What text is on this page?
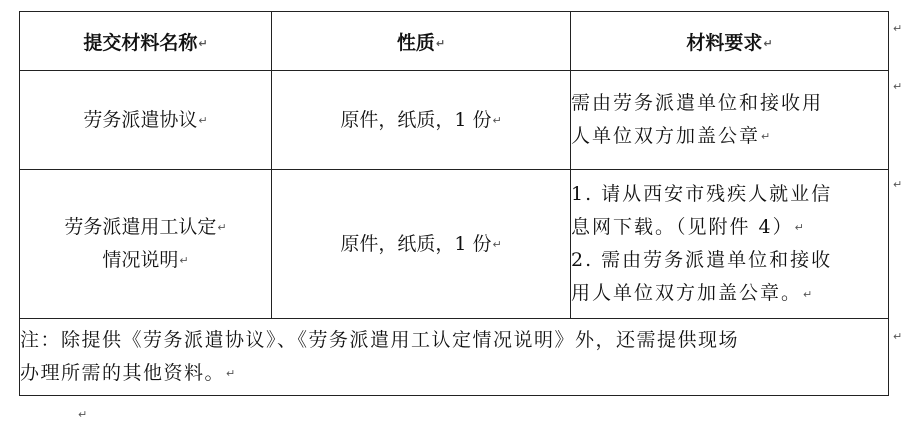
提交材料名称↵	性质↵	材料要求↵
劳务派遣协议↵	原件，纸质，1 份↵	需由劳务派遣单位和接收用
人单位双方加盖公章↵

劳务派遣用工认定↵
情况说明↵	原件，纸质，1 份↵	1. 请从西安市残疾人就业信
息网下载。（见附件 4）↵
2. 需由劳务派遣单位和接收
用人单位双方加盖公章。↵

注：除提供《劳务派遣协议》、《劳务派遣用工认定情况说明》外，还需提供现场
办理所需的其他资料。↵		
↵
↵
↵
↵
↵
